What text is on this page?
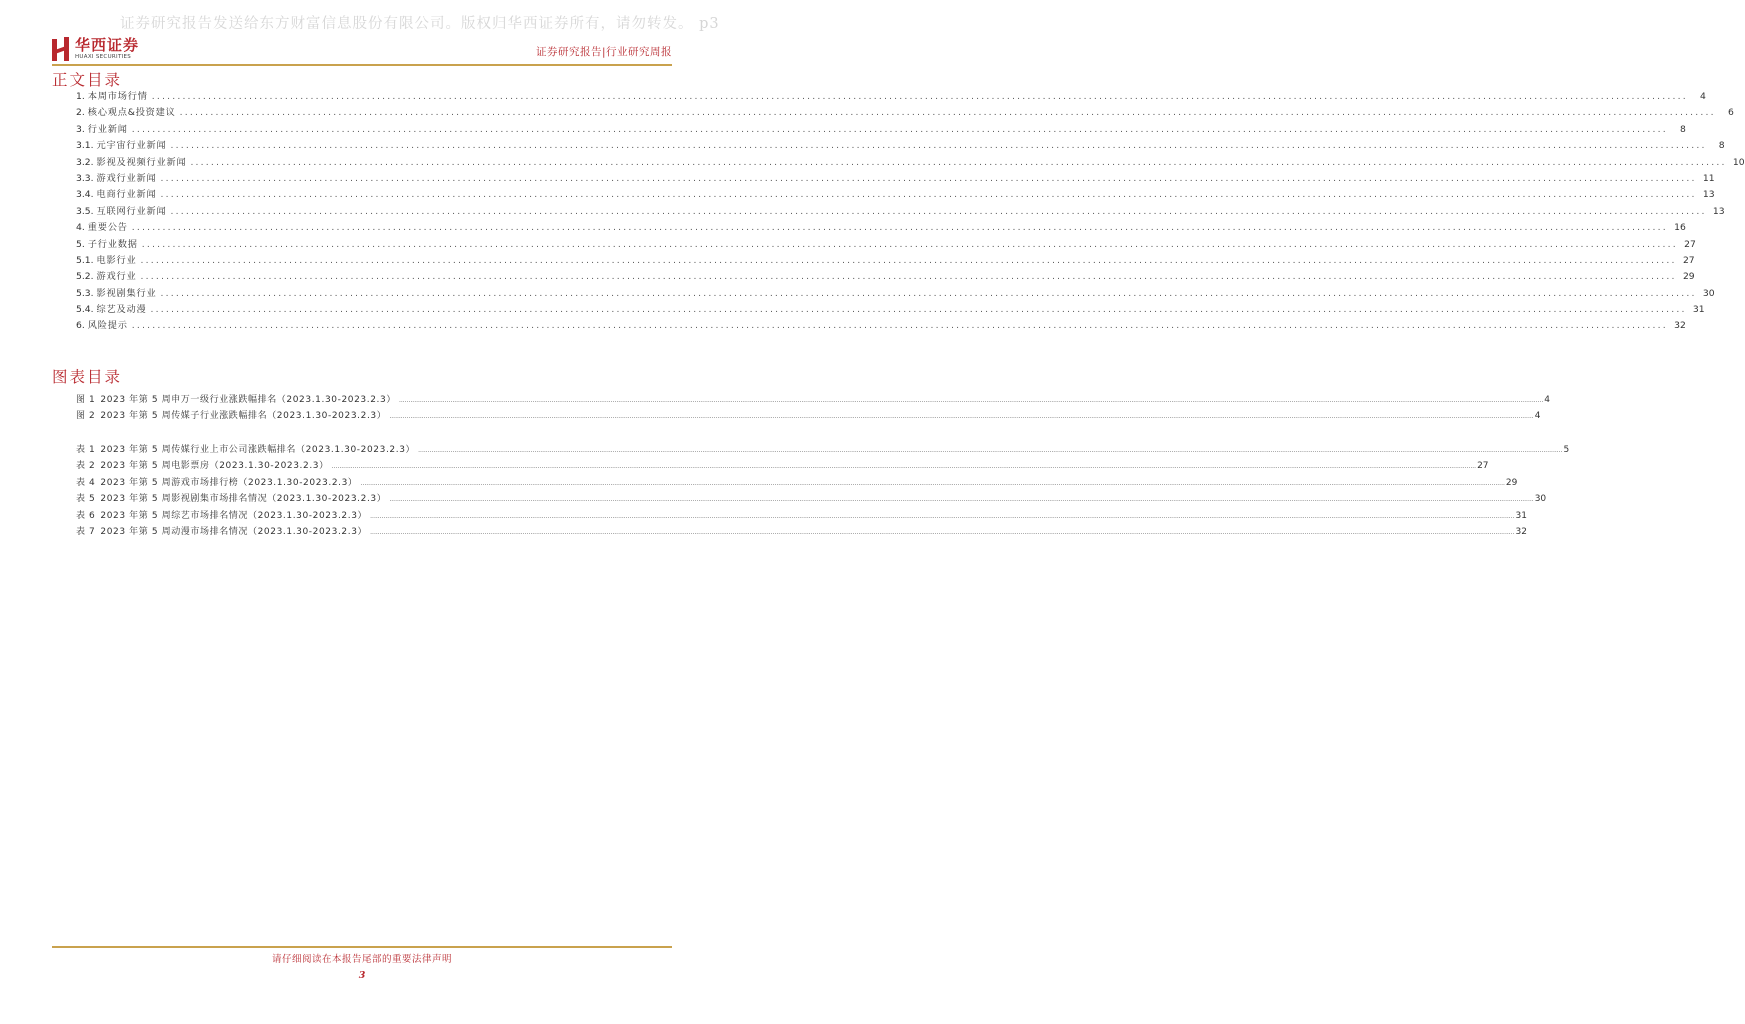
证券研究报告发送给东方财富信息股份有限公司。版权归华西证券所有，请勿转发。 p3
华西证券
HUAXI SECURITIES	证券研究报告|行业研究周报
正文目录
1. 本周市场行情 ............................................................................................................................................................................................................................................................................................................	4
2. 核心观点&投资建议 ............................................................................................................................................................................................................................................................................................................	6
3. 行业新闻 ............................................................................................................................................................................................................................................................................................................	8
3.1. 元宇宙行业新闻 ............................................................................................................................................................................................................................................................................................................	8
3.2. 影视及视频行业新闻 ............................................................................................................................................................................................................................................................................................................ 10
3.3. 游戏行业新闻 ............................................................................................................................................................................................................................................................................................................ 11
3.4. 电商行业新闻 ............................................................................................................................................................................................................................................................................................................ 13
3.5. 互联网行业新闻 ............................................................................................................................................................................................................................................................................................................ 13
4. 重要公告 ............................................................................................................................................................................................................................................................................................................ 16
5. 子行业数据 ............................................................................................................................................................................................................................................................................................................ 27
5.1. 电影行业 ............................................................................................................................................................................................................................................................................................................ 27
5.2. 游戏行业 ............................................................................................................................................................................................................................................................................................................ 29
5.3. 影视剧集行业 ............................................................................................................................................................................................................................................................................................................ 30
5.4. 综艺及动漫 ............................................................................................................................................................................................................................................................................................................ 31
6. 风险提示 ............................................................................................................................................................................................................................................................................................................ 32
图表目录
图 1 2023 年第 5 周申万一级行业涨跌幅排名（2023.1.30-2023.2.3） ........................................................................................................................................................................................................................................................................................................................................................................................................................................................................................................................................................................................................................ 4
图 2 2023 年第 5 周传媒子行业涨跌幅排名（2023.1.30-2023.2.3） ........................................................................................................................................................................................................................................................................................................................................................................................................................................................................................................................................................................................................................ 4
表 1 2023 年第 5 周传媒行业上市公司涨跌幅排名（2023.1.30-2023.2.3） ........................................................................................................................................................................................................................................................................................................................................................................................................................................................................................................................................................................................................................ 5
表 2 2023 年第 5 周电影票房（2023.1.30-2023.2.3） ........................................................................................................................................................................................................................................................................................................................................................................................................................................................................................................................................................................................................................ 27
表 4 2023 年第 5 周游戏市场排行榜（2023.1.30-2023.2.3） ........................................................................................................................................................................................................................................................................................................................................................................................................................................................................................................................................................................................................................ 29
表 5 2023 年第 5 周影视剧集市场排名情况（2023.1.30-2023.2.3） ........................................................................................................................................................................................................................................................................................................................................................................................................................................................................................................................................................................................................................ 30
表 6 2023 年第 5 周综艺市场排名情况（2023.1.30-2023.2.3） ........................................................................................................................................................................................................................................................................................................................................................................................................................................................................................................................................................................................................................ 31
表 7 2023 年第 5 周动漫市场排名情况（2023.1.30-2023.2.3） ........................................................................................................................................................................................................................................................................................................................................................................................................................................................................................................................................................................................................................ 32
请仔细阅读在本报告尾部的重要法律声明
3
